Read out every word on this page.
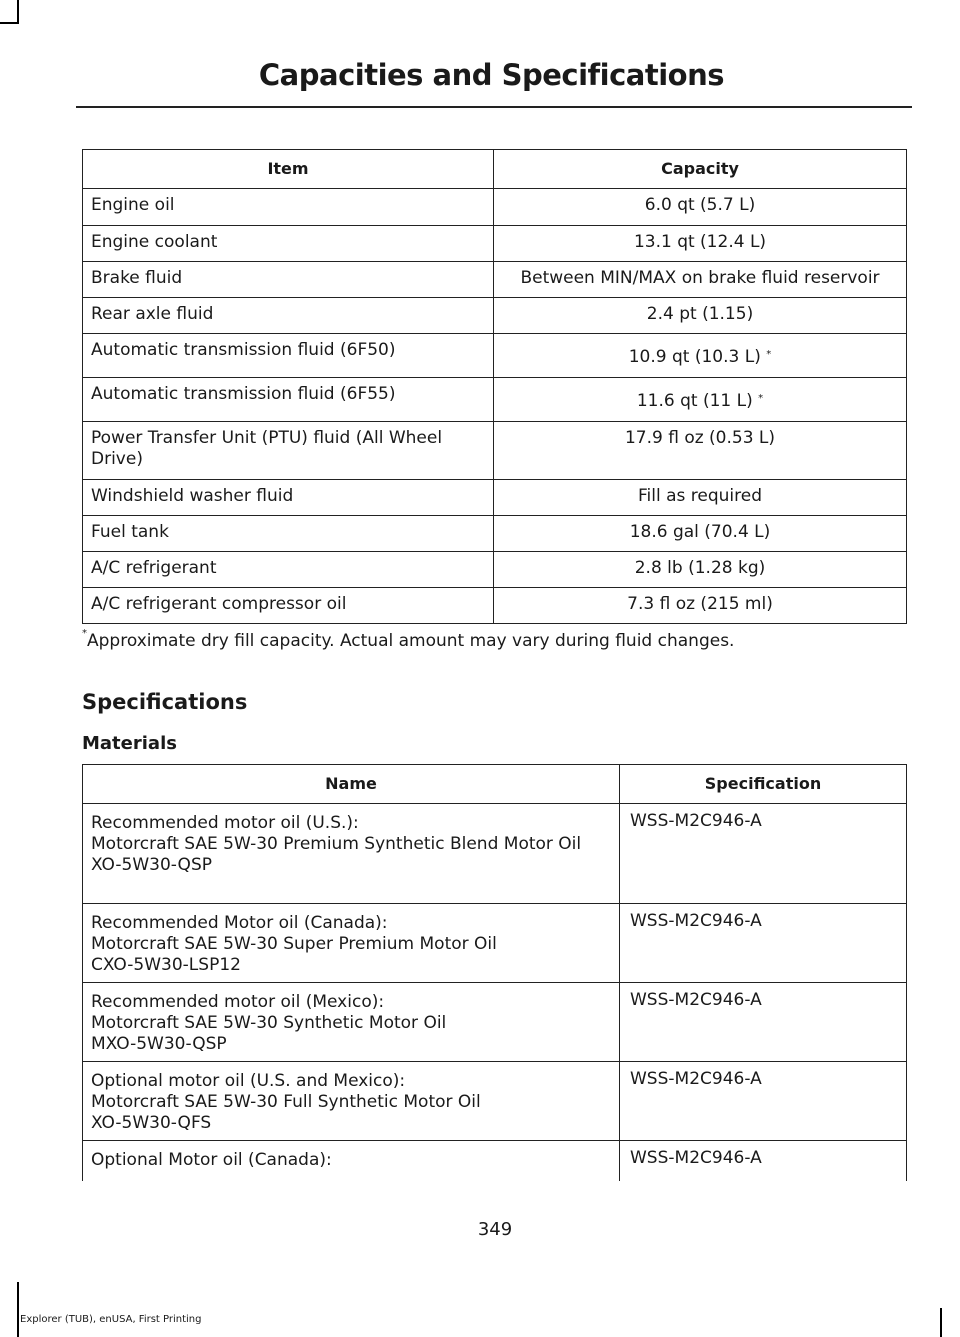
Capacities and Specifications
Item	Capacity
Engine oil	6.0 qt (5.7 L)
Engine coolant	13.1 qt (12.4 L)
Brake fluid	Between MIN/MAX on brake fluid reservoir
Rear axle fluid	2.4 pt (1.15)
Automatic transmission fluid (6F50)	10.9 qt (10.3 L) *
Automatic transmission fluid (6F55)	11.6 qt (11 L) *
Power Transfer Unit (PTU) fluid (All Wheel Drive)	17.9 fl oz (0.53 L)
Windshield washer fluid	Fill as required
Fuel tank	18.6 gal (70.4 L)
A/C refrigerant	2.8 lb (1.28 kg)
A/C refrigerant compressor oil	7.3 fl oz (215 ml)
*Approximate dry fill capacity. Actual amount may vary during fluid changes.
Specifications
Materials
Name	Specification

Recommended motor oil (U.S.):
Motorcraft SAE 5W-30 Premium Synthetic Blend Motor Oil
XO-5W30-QSP	WSS-M2C946-A

Recommended Motor oil (Canada):
Motorcraft SAE 5W-30 Super Premium Motor Oil
CXO-5W30-LSP12	WSS-M2C946-A

Recommended motor oil (Mexico):
Motorcraft SAE 5W-30 Synthetic Motor Oil
MXO-5W30-QSP	WSS-M2C946-A

Optional motor oil (U.S. and Mexico):
Motorcraft SAE 5W-30 Full Synthetic Motor Oil
XO-5W30-QFS	WSS-M2C946-A

Optional Motor oil (Canada):	WSS-M2C946-A
349
Explorer (TUB), enUSA, First Printing
